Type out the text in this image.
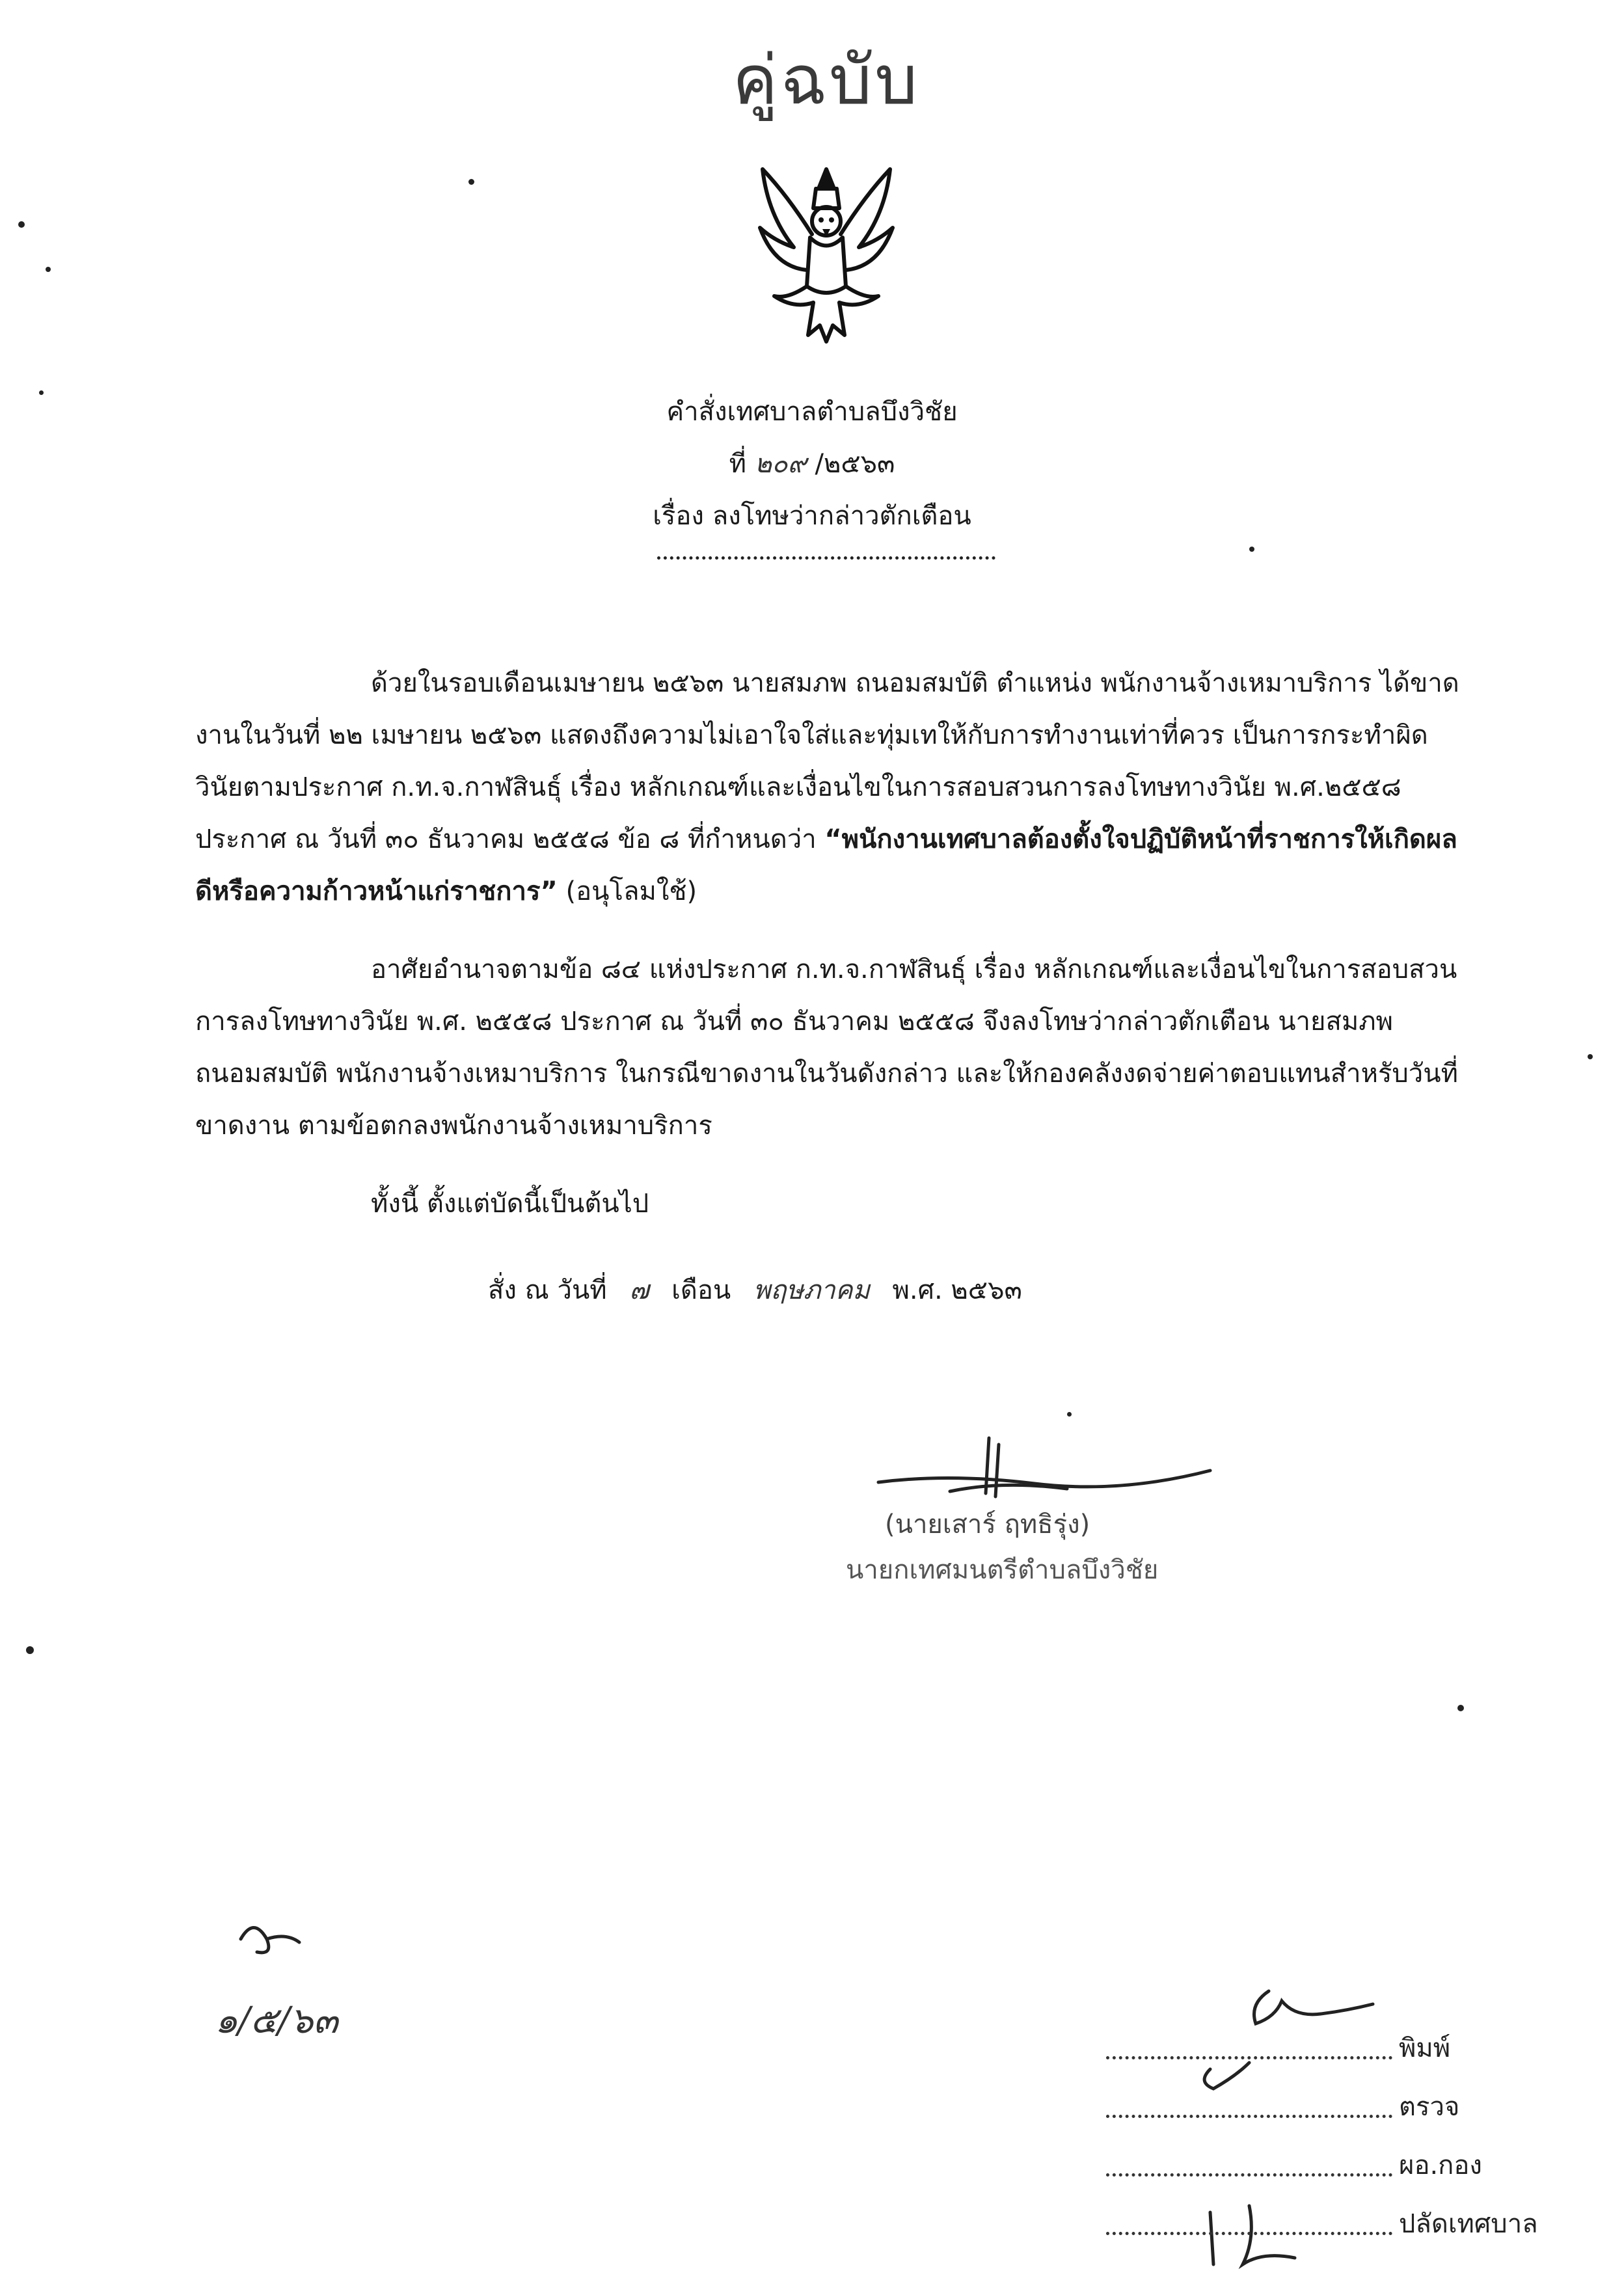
คู่ฉบับ
คำสั่งเทศบาลตำบลบึงวิชัย
ที่ ๒๐๙ /๒๕๖๓
เรื่อง ลงโทษว่ากล่าวตักเตือน
ด้วยในรอบเดือนเมษายน ๒๕๖๓ นายสมภพ ถนอมสมบัติ ตำแหน่ง พนักงานจ้างเหมาบริการ ได้ขาดงานในวันที่ ๒๒ เมษายน ๒๕๖๓ แสดงถึงความไม่เอาใจใส่และทุ่มเทให้กับการทำงานเท่าที่ควร เป็นการกระทำผิดวินัยตามประกาศ ก.ท.จ.กาฬสินธุ์ เรื่อง หลักเกณฑ์และเงื่อนไขในการสอบสวนการลงโทษทางวินัย พ.ศ.๒๕๕๘ ประกาศ ณ วันที่ ๓๐ ธันวาคม ๒๕๕๘ ข้อ ๘ ที่กำหนดว่า “พนักงานเทศบาลต้องตั้งใจปฏิบัติหน้าที่ราชการให้เกิดผลดีหรือความก้าวหน้าแก่ราชการ” (อนุโลมใช้)
อาศัยอำนาจตามข้อ ๘๔ แห่งประกาศ ก.ท.จ.กาฬสินธุ์ เรื่อง หลักเกณฑ์และเงื่อนไขในการสอบสวนการลงโทษทางวินัย พ.ศ. ๒๕๕๘ ประกาศ ณ วันที่ ๓๐ ธันวาคม ๒๕๕๘ จึงลงโทษว่ากล่าวตักเตือน นายสมภพ ถนอมสมบัติ พนักงานจ้างเหมาบริการ ในกรณีขาดงานในวันดังกล่าว และให้กองคลังงดจ่ายค่าตอบแทนสำหรับวันที่ขาดงาน ตามข้อตกลงพนักงานจ้างเหมาบริการ
ทั้งนี้ ตั้งแต่บัดนี้เป็นต้นไป
สั่ง ณ วันที่ ๗ เดือน พฤษภาคม พ.ศ. ๒๕๖๓
(นายเสาร์ ฤทธิรุ่ง)
นายกเทศมนตรีตำบลบึงวิชัย
๑/๕/๖๓
พิมพ์
ตรวจ
ผอ.กอง
ปลัดเทศบาล
